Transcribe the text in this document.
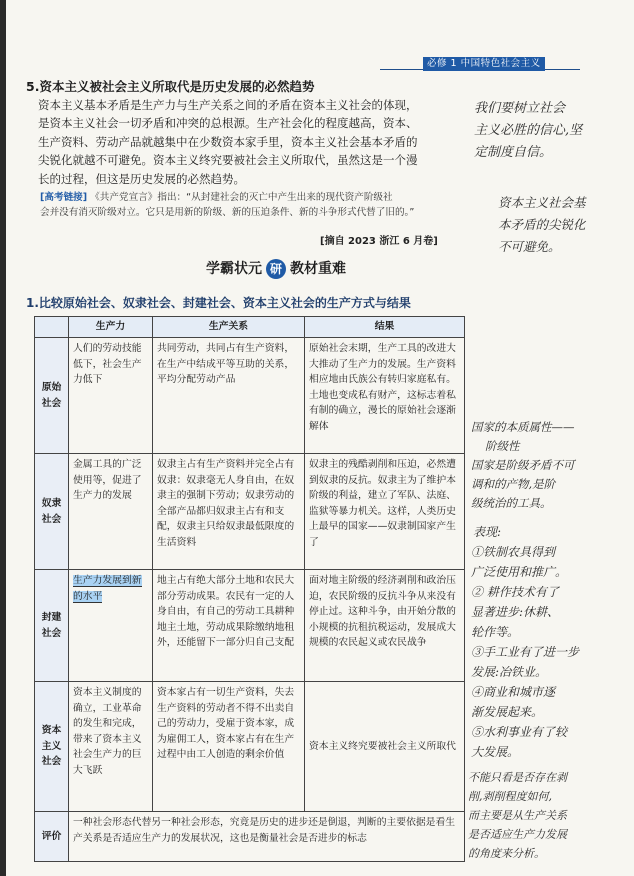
必修 1 中国特色社会主义
5.资本主义被社会主义所取代是历史发展的必然趋势
资本主义基本矛盾是生产力与生产关系之间的矛盾在资本主义社会的体现，
是资本主义社会一切矛盾和冲突的总根源。生产社会化的程度越高，资本、
生产资料、劳动产品就越集中在少数资本家手里，资本主义社会基本矛盾的
尖锐化就越不可避免。资本主义终究要被社会主义所取代，虽然这是一个漫
长的过程，但这是历史发展的必然趋势。
[高考链接] 《共产党宣言》指出：“从封建社会的灭亡中产生出来的现代资产阶级社
会并没有消灭阶级对立。它只是用新的阶级、新的压迫条件、新的斗争形式代替了旧的。”
[摘自 2023 浙江 6 月卷]
学霸状元 研 教材重难
1.比较原始社会、奴隶社会、封建社会、资本主义社会的生产方式与结果
	生产力	生产关系	结果
原始社会	人们的劳动技能低下，社会生产力低下	共同劳动，共同占有生产资料，在生产中结成平等互助的关系，平均分配劳动产品	原始社会末期，生产工具的改进大大推动了生产力的发展。生产资料相应地由氏族公有转归家庭私有。土地也变成私有财产，这标志着私有制的确立，漫长的原始社会逐渐解体
奴隶社会	金属工具的广泛使用等，促进了生产力的发展	奴隶主占有生产资料并完全占有奴隶：奴隶毫无人身自由，在奴隶主的强制下劳动；奴隶劳动的全部产品都归奴隶主占有和支配，奴隶主只给奴隶最低限度的生活资料	奴隶主的残酷剥削和压迫，必然遭到奴隶的反抗。奴隶主为了维护本阶级的利益，建立了军队、法庭、监狱等暴力机关。这样，人类历史上最早的国家——奴隶制国家产生了
封建社会	生产力发展到新的水平	地主占有绝大部分土地和农民大部分劳动成果。农民有一定的人身自由，有自己的劳动工具耕种地主土地，劳动成果除缴纳地租外，还能留下一部分归自己支配	面对地主阶级的经济剥削和政治压迫，农民阶级的反抗斗争从来没有停止过。这种斗争，由开始分散的小规模的抗租抗税运动，发展成大规模的农民起义或农民战争
资本主义社会	资本主义制度的确立，工业革命的发生和完成，带来了资本主义社会生产力的巨大飞跃	资本家占有一切生产资料，失去生产资料的劳动者不得不出卖自己的劳动力，受雇于资本家，成为雇佣工人，资本家占有在生产过程中由工人创造的剩余价值	资本主义终究要被社会主义所取代
评价	一种社会形态代替另一种社会形态，究竟是历史的进步还是倒退，判断的主要依据是看生产关系是否适应生产力的发展状况，这也是衡量社会是否进步的标志		
我们要树立社会
主义必胜的信心,坚
定制度自信。
资本主义社会基
本矛盾的尖锐化
不可避免。
国家的本质属性——
阶级性
国家是阶级矛盾不可
调和的产物,是阶
级统治的工具。
表现:
①铁制农具得到
广泛使用和推广。
② 耕作技术有了
显著进步:休耕、
轮作等。
③手工业有了进一步
发展:冶铁业。
④商业和城市逐
渐发展起来。
⑤水利事业有了较
大发展。
不能只看是否存在剥
削,剥削程度如何,
而主要是从生产关系
是否适应生产力发展
的角度来分析。
